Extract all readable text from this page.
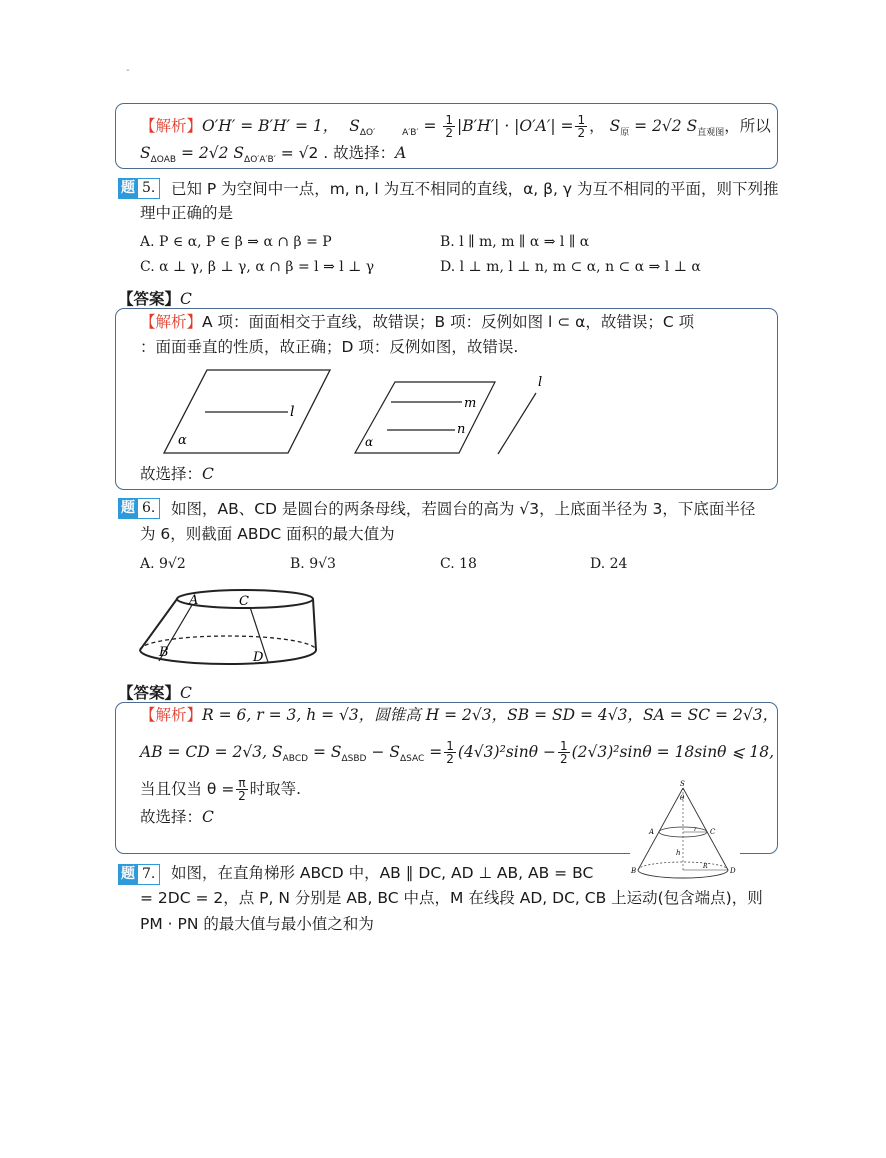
-
【解析】O′H′ = B′H′ = 1， $S_{\Delta O'}$	$_{A'B'} = \frac{1}{2} |B'H'| \cdot |O'A'| = \frac{1}{2}$ ， $S_原 = 2√2$ $S_{直观图}$，所以
$S_{\Delta OAB} = 2√2$ $S_{\Delta O'A'B'} = √2$ . 故选择：A
题 5.	已知 P 为空间中一点，m, n, l 为互不相同的直线，α, β, γ 为互不相同的平面，则下列推
理中正确的是
A. P ∈ α, P ∈ β ⇒ α ∩ β = P	B. l ∥ m, m ∥ α ⇒ l ∥ α
C. α ⊥ γ, β ⊥ γ, α ∩ β = l ⇒ l ⊥ γ	D. l ⊥ m, l ⊥ n, m ⊂ α, n ⊂ α ⇒ l ⊥ α
【答案】C
【解析】A 项：面面相交于直线，故错误；B 项：反例如图 l ⊂ α，故错误；C 项
：面面垂直的性质，故正确；D 项：反例如图，故错误.
l
α
m
n
α
l
故选择：C
题 6.	如图，AB、CD 是圆台的两条母线，若圆台的高为 √3，上底面半径为 3，下底面半径
为 6，则截面 ABDC 面积的最大值为
A. 9√2	B. 9√3	C. 18	D. 24
A	C
B	D
【答案】C
【解析】R = 6, r = 3, h = √3，圆锥高 H = 2√3，SB = SD = 4√3，SA = SC = 2√3，
AB = CD = 2√3, $S_{ABCD} = S_{\Delta SBD} - S_{\Delta SAC} = \frac{1}{2} (4√3)^2\sin\theta - \frac{1}{2} (2√3)^2\sin\theta = 18\sin\theta$ ⩽ 18,
当且仅当 $\theta = \frac{\pi}{2}$ 时取等.
故选择：C
S
θ
A	C
r
h
B
R
D
题 7.	如图，在直角梯形 ABCD 中，AB ∥ DC, AD ⊥ AB, AB = BC
= 2DC = 2，点 P, N 分别是 AB, BC 中点，M 在线段 AD, DC, CB 上运动(包含端点)，则
PM · PN 的最大值与最小值之和为
